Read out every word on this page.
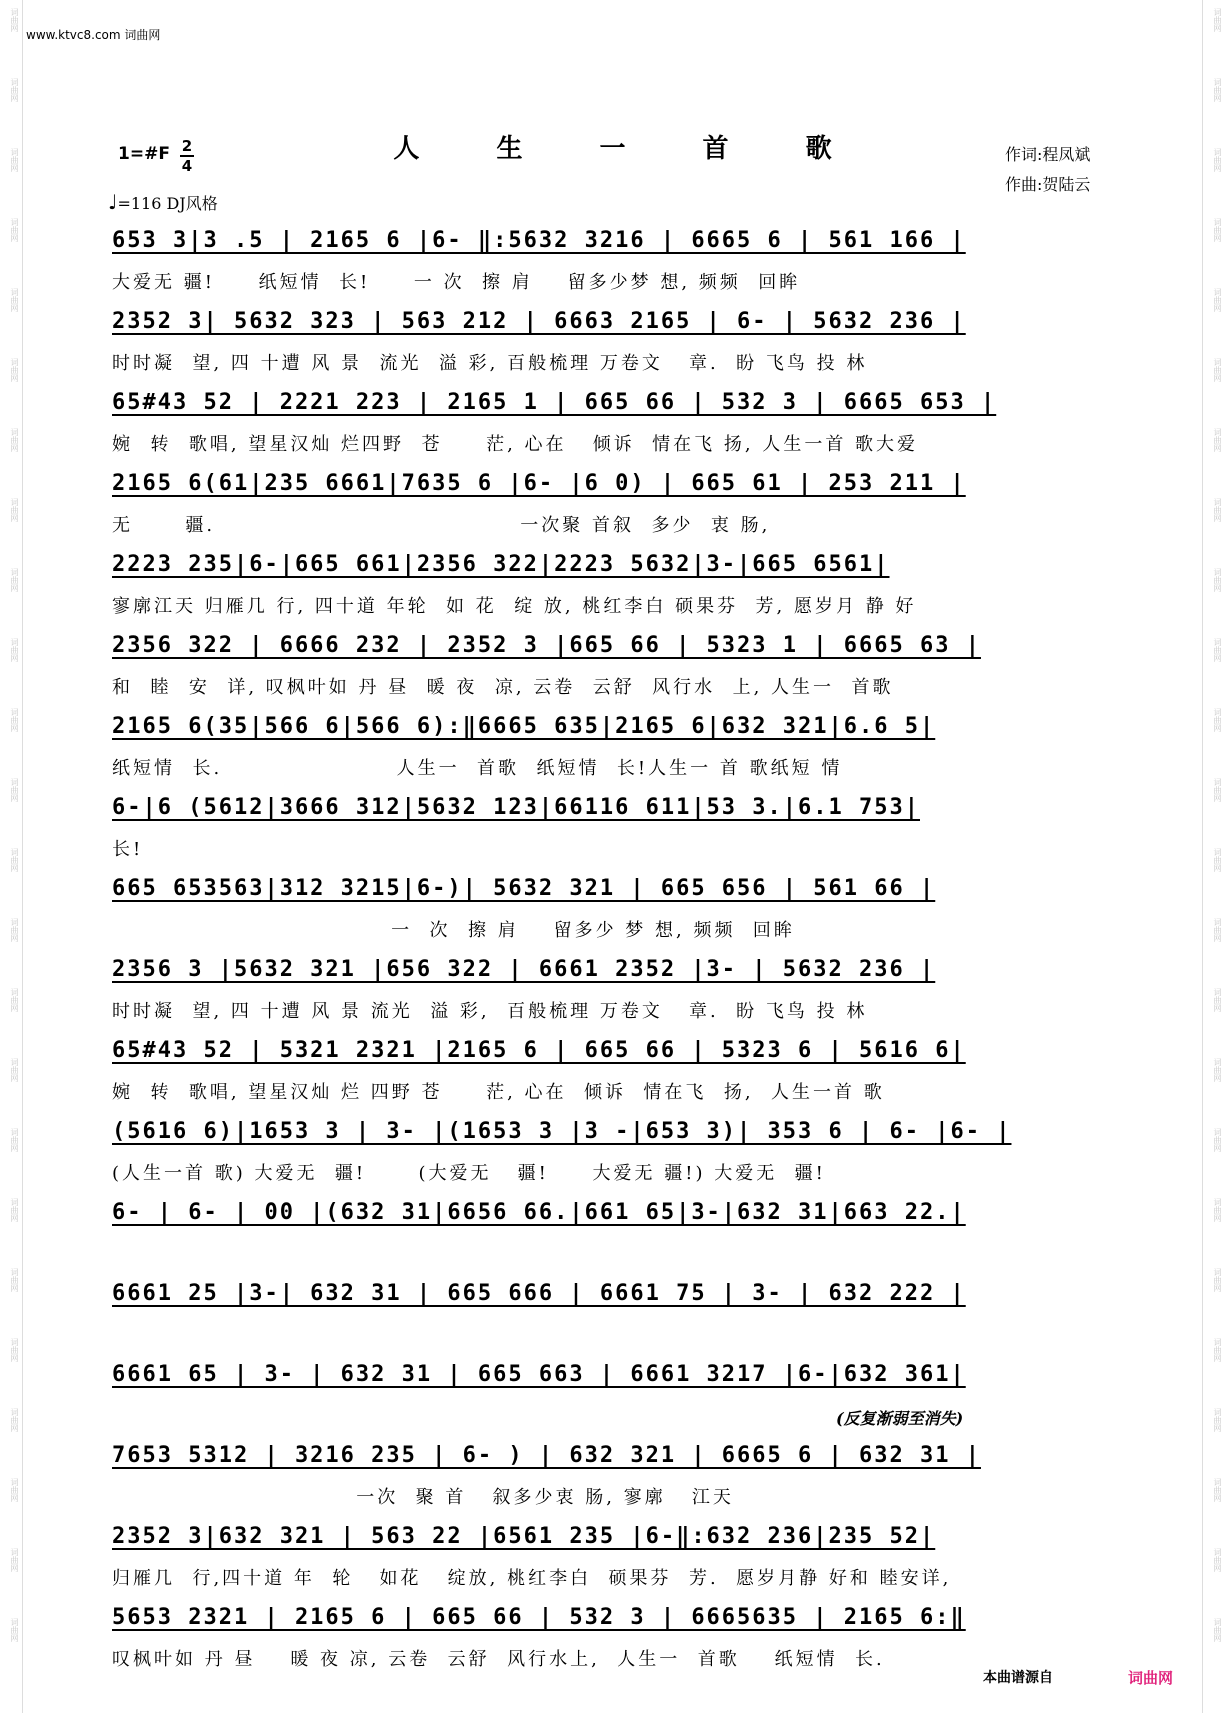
词曲网
词曲网
词曲网
词曲网
词曲网
词曲网
词曲网
词曲网
词曲网
词曲网
词曲网
词曲网
词曲网
词曲网
词曲网
词曲网
词曲网
词曲网
词曲网
词曲网
词曲网
词曲网
词曲网
词曲网
词曲网
词曲网
词曲网
词曲网
词曲网
词曲网
词曲网
词曲网
词曲网
词曲网
词曲网
词曲网
词曲网
词曲网
词曲网
词曲网
词曲网
词曲网
词曲网
词曲网
词曲网
词曲网
词曲网
词曲网
www.ktvc8.com 词曲网
人 生 一 首 歌
1=#F 2
4
♩=116 DJ风格
作词:程凤斌
作曲:贺陆云
653 3|3 .5 | 2165 6 |6- ‖:5632 3216 | 6665 6 | 561 166 |
大爱无 疆!     纸短情  长!     一 次  擦 肩    留多少梦 想, 频频  回眸
2352 3| 5632 323 | 563 212 | 6663 2165 | 6- | 5632 236 |
时时凝  望, 四 十遭 风 景  流光  溢 彩, 百般梳理 万卷文   章.  盼 飞鸟 投 林
65#43 52 | 2221 223 | 2165 1 | 665 66 | 532 3 | 6665 653 |
婉  转  歌唱, 望星汉灿 烂四野  苍     茫, 心在   倾诉  情在飞 扬, 人生一首 歌大爱
2165 6(61|235 6661|7635 6 |6- |6 0) | 665 61 | 253 211 |
无      疆.                                   一次聚 首叙  多少  衷 肠,
2223 235|6-|665 661|2356 322|2223 5632|3-|665 6561|
寥廓江天 归雁几 行, 四十道 年轮  如 花  绽 放, 桃红李白 硕果芬  芳, 愿岁月 静 好
2356 322 | 6666 232 | 2352 3 |665 66 | 5323 1 | 6665 63 |
和  睦  安  详, 叹枫叶如 丹 昼  暖 夜  凉, 云卷  云舒  风行水  上, 人生一  首歌
2165 6(35|566 6|566 6):‖6665 635|2165 6|632 321|6.6 5|
纸短情  长.                    人生一  首歌  纸短情  长!人生一 首 歌纸短 情
6-|6 (5612|3666 312|5632 123|66116 611|53 3.|6.1 753|
长!
665 653563|312 3215|6-)| 5632 321 | 665 656 | 561 66 |
一  次  擦 肩    留多少 梦 想, 频频  回眸
2356 3 |5632 321 |656 322 | 6661 2352 |3- | 5632 236 |
时时凝  望, 四 十遭 风 景 流光  溢 彩,  百般梳理 万卷文   章.  盼 飞鸟 投 林
65#43 52 | 5321 2321 |2165 6 | 665 66 | 5323 6 | 5616 6|
婉  转  歌唱, 望星汉灿 烂 四野 苍     茫, 心在  倾诉  情在飞  扬,  人生一首 歌
(5616 6)|1653 3 | 3- |(1653 3 |3 -|653 3)| 353 6 | 6- |6- |
(人生一首 歌) 大爱无  疆!      (大爱无   疆!     大爱无 疆!) 大爱无  疆!
6- | 6- | 00 |(632 31|6656 66.|661 65|3-|632 31|663 22.|
6661 25 |3-| 632 31 | 665 666 | 6661 75 | 3- | 632 222 |
6661 65 | 3- | 632 31 | 665 663 | 6661 3217 |6-|632 361|
7653 5312 | 3216 235 | 6- ) | 632 321 | 6665 6 | 632 31 |
一次  聚 首   叙多少衷 肠, 寥廓   江天
2352 3|632 321 | 563 22 |6561 235 |6-‖:632 236|235 52|
归雁几  行,四十道 年  轮   如花   绽放, 桃红李白  硕果芬  芳.  愿岁月静 好和 睦安详,
5653 2321 | 2165 6 | 665 66 | 532 3 | 6665635 | 2165 6:‖
叹枫叶如 丹 昼    暖 夜 凉, 云卷  云舒  风行水上,  人生一  首歌    纸短情  长.
(反复渐弱至消失)
本曲谱源自	词曲网
